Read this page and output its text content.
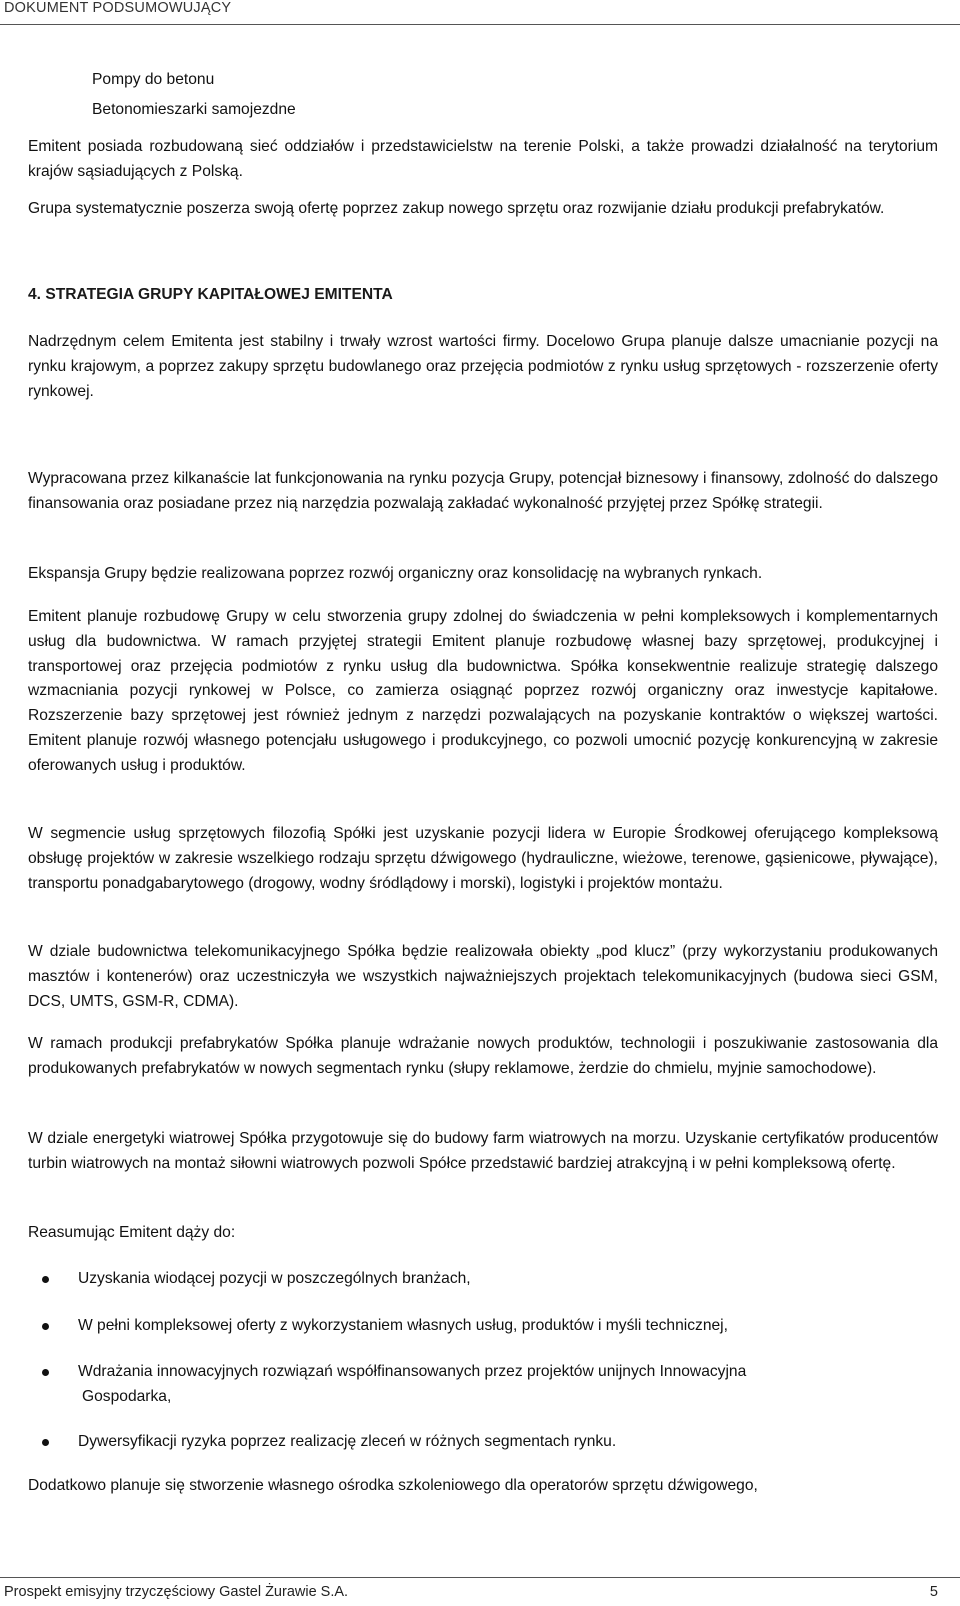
DOKUMENT PODSUMOWUJĄCY

Pompy do betonu

Betonomieszarki samojezdne

Emitent posiada rozbudowaną sieć oddziałów i przedstawicielstw na terenie Polski, a także prowadzi działalność na terytorium krajów sąsiadujących z Polską.

Grupa systematycznie poszerza swoją ofertę poprzez zakup nowego sprzętu oraz rozwijanie działu produkcji prefabrykatów.

4. STRATEGIA GRUPY KAPITAŁOWEJ EMITENTA

Nadrzędnym celem Emitenta jest stabilny i trwały wzrost wartości firmy. Docelowo Grupa planuje dalsze umacnianie pozycji na rynku krajowym, a poprzez zakupy sprzętu budowlanego oraz przejęcia podmiotów z rynku usług sprzętowych - rozszerzenie oferty rynkowej.

Wypracowana przez kilkanaście lat funkcjonowania na rynku pozycja Grupy, potencjał biznesowy i finansowy, zdolność do dalszego finansowania oraz posiadane przez nią narzędzia pozwalają zakładać wykonalność przyjętej przez Spółkę strategii.

Ekspansja Grupy będzie realizowana poprzez rozwój organiczny oraz konsolidację na wybranych rynkach.

Emitent planuje rozbudowę Grupy w celu stworzenia grupy zdolnej do świadczenia w pełni kompleksowych i komplementarnych usług dla budownictwa. W ramach przyjętej strategii Emitent planuje rozbudowę własnej bazy sprzętowej, produkcyjnej i transportowej oraz przejęcia podmiotów z rynku usług dla budownictwa. Spółka konsekwentnie realizuje strategię dalszego wzmacniania pozycji rynkowej w Polsce, co zamierza osiągnąć poprzez rozwój organiczny oraz inwestycje kapitałowe. Rozszerzenie bazy sprzętowej jest również jednym z narzędzi pozwalających na pozyskanie kontraktów o większej wartości. Emitent planuje rozwój własnego potencjału usługowego i produkcyjnego, co pozwoli umocnić pozycję konkurencyjną w zakresie oferowanych usług i produktów.

W segmencie usług sprzętowych filozofią Spółki jest uzyskanie pozycji lidera w Europie Środkowej oferującego kompleksową obsługę projektów w zakresie wszelkiego rodzaju sprzętu dźwigowego (hydrauliczne, wieżowe, terenowe, gąsienicowe, pływające), transportu ponadgabarytowego (drogowy, wodny śródlądowy i morski), logistyki i projektów montażu.

W dziale budownictwa telekomunikacyjnego Spółka będzie realizowała obiekty „pod klucz” (przy wykorzystaniu produkowanych masztów i kontenerów) oraz uczestniczyła we wszystkich najważniejszych projektach telekomunikacyjnych (budowa sieci GSM, DCS, UMTS, GSM-R, CDMA).

W ramach produkcji prefabrykatów Spółka planuje wdrażanie nowych produktów, technologii i poszukiwanie zastosowania dla produkowanych prefabrykatów w nowych segmentach rynku (słupy reklamowe, żerdzie do chmielu, myjnie samochodowe).

W dziale energetyki wiatrowej Spółka przygotowuje się do budowy farm wiatrowych na morzu. Uzyskanie certyfikatów producentów turbin wiatrowych na montaż siłowni wiatrowych pozwoli Spółce przedstawić bardziej atrakcyjną i w pełni kompleksową ofertę.

Reasumując Emitent dąży do:

Uzyskania wiodącej pozycji w poszczególnych branżach,
W pełni kompleksowej oferty z wykorzystaniem własnych usług, produktów i myśli technicznej,
Wdrażania innowacyjnych rozwiązań współfinansowanych przez projektów unijnych Innowacyjna
Gospodarka,
Dywersyfikacji ryzyka poprzez realizację zleceń w różnych segmentach rynku.

Dodatkowo planuje się stworzenie własnego ośrodka szkoleniowego dla operatorów sprzętu dźwigowego,

Prospekt emisyjny trzyczęściowy Gastel Żurawie S.A.	5
